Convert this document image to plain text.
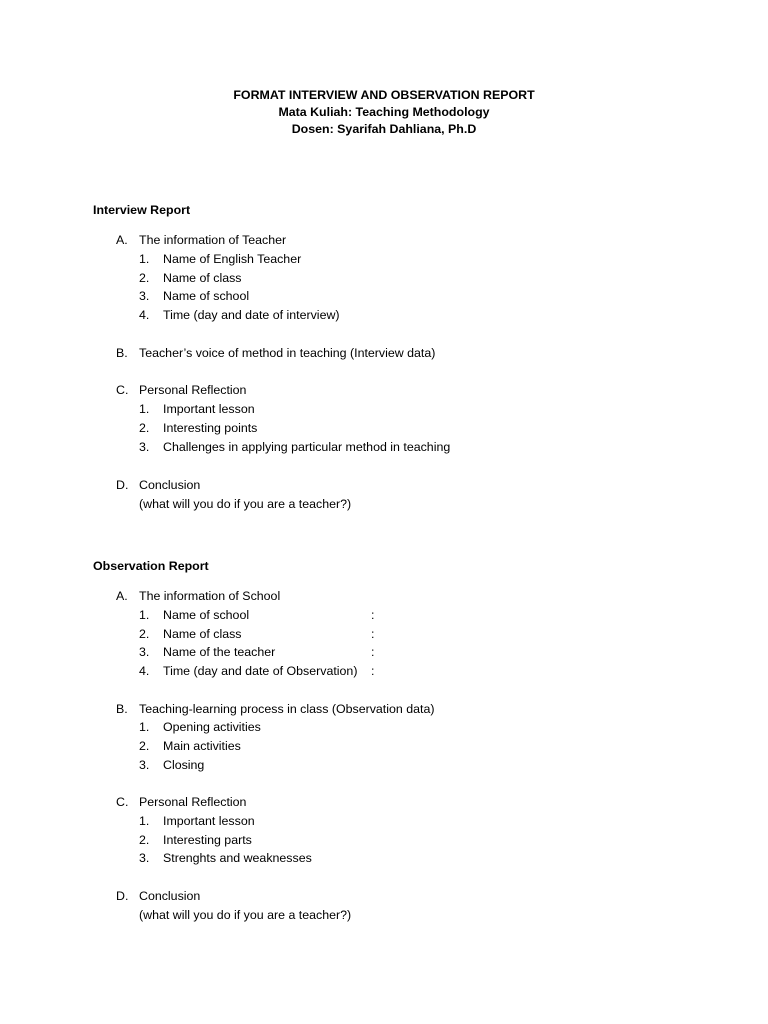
FORMAT INTERVIEW AND OBSERVATION REPORT
Mata Kuliah: Teaching Methodology
Dosen: Syarifah Dahliana, Ph.D
Interview Report
A. The information of Teacher
1. Name of English Teacher
2. Name of class
3. Name of school
4. Time (day and date of interview)
B. Teacher’s voice of method in teaching (Interview data)
C. Personal Reflection
1. Important lesson
2. Interesting points
3. Challenges in applying particular method in teaching
D. Conclusion
(what will you do if you are a teacher?)
Observation Report
A. The information of School
1. Name of school	:
2. Name of class	:
3. Name of the teacher	:
4. Time (day and date of Observation) :
B. Teaching-learning process in class (Observation data)
1. Opening activities
2. Main activities
3. Closing
C. Personal Reflection
1. Important lesson
2. Interesting parts
3. Strenghts and weaknesses
D. Conclusion
(what will you do if you are a teacher?)
